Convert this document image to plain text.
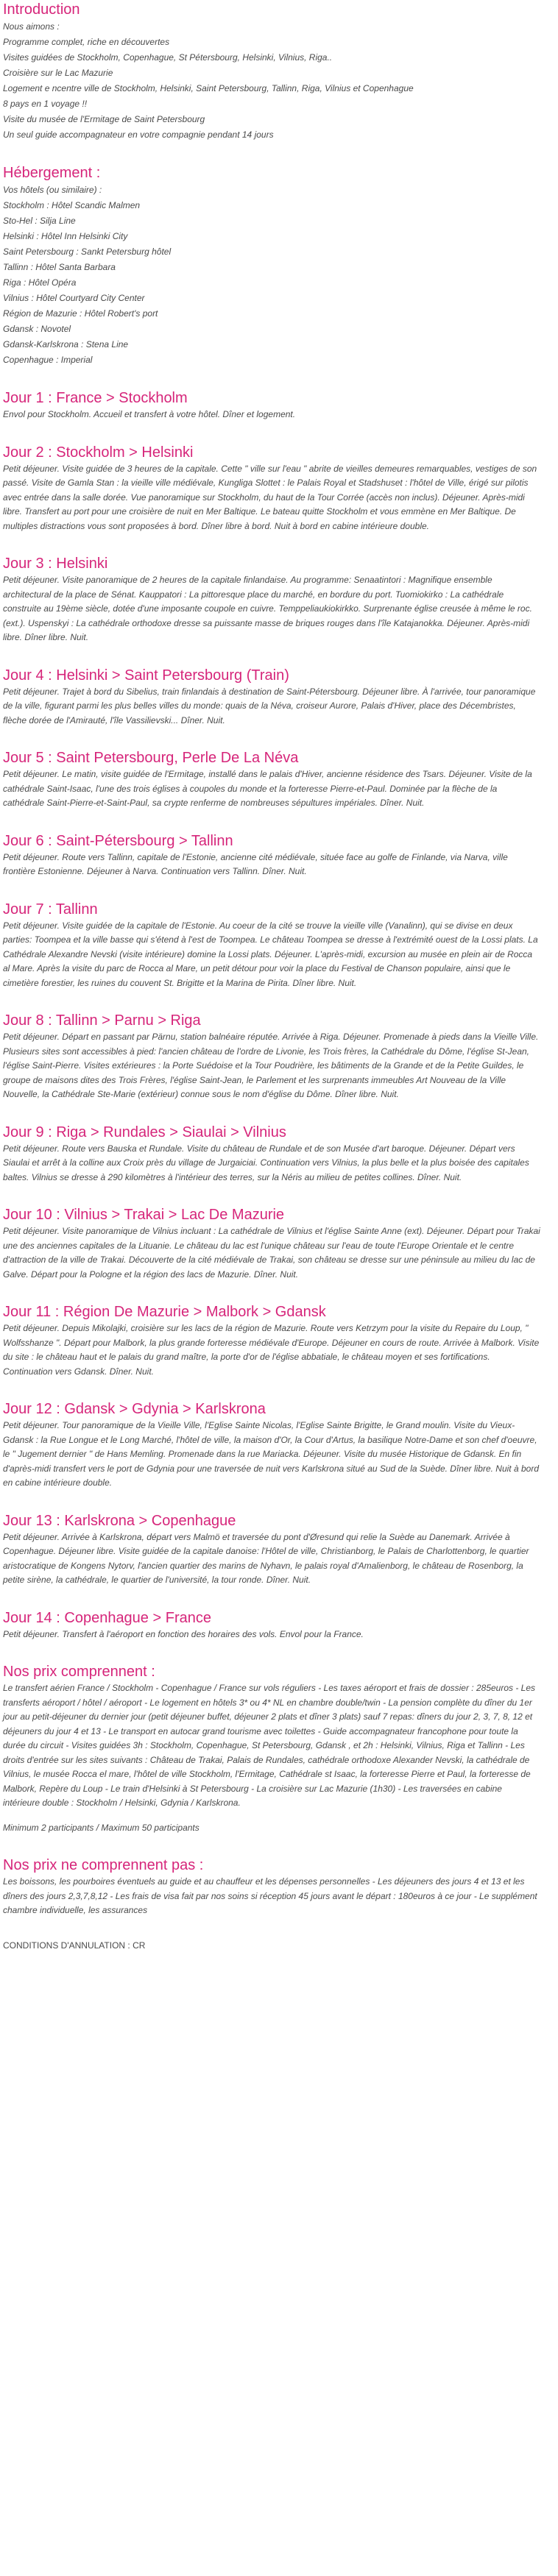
Introduction

Nous aimons :

Programme complet, riche en découvertes

Visites guidées de Stockholm, Copenhague, St Pétersbourg, Helsinki, Vilnius, Riga..

Croisière sur le Lac Mazurie

Logement e ncentre ville de Stockholm, Helsinki, Saint Petersbourg, Tallinn, Riga, Vilnius et Copenhague

8 pays en 1 voyage !!

Visite du musée de l'Ermitage de Saint Petersbourg

Un seul guide accompagnateur en votre compagnie pendant 14 jours

Hébergement :

Vos hôtels (ou similaire) :

Stockholm : Hôtel Scandic Malmen

Sto-Hel : Silja Line

Helsinki : Hôtel Inn Helsinki City

Saint Petersbourg : Sankt Petersburg hôtel

Tallinn : Hôtel Santa Barbara

Riga : Hôtel Opéra

Vilnius : Hôtel Courtyard City Center

Région de Mazurie : Hôtel Robert's port

Gdansk : Novotel

Gdansk-Karlskrona : Stena Line

Copenhague : Imperial

Jour 1 : France > Stockholm

Envol pour Stockholm. Accueil et transfert à votre hôtel. Dîner et logement.

Jour 2 : Stockholm > Helsinki

Petit déjeuner. Visite guidée de 3 heures de la capitale. Cette " ville sur l'eau " abrite de vieilles demeures remarquables, vestiges de son passé. Visite de Gamla Stan : la vieille ville médiévale, Kungliga Slottet : le Palais Royal et Stadshuset : l'hôtel de Ville, érigé sur pilotis avec entrée dans la salle dorée. Vue panoramique sur Stockholm, du haut de la Tour Corrée (accès non inclus). Déjeuner. Après-midi libre. Transfert au port pour une croisière de nuit en Mer Baltique. Le bateau quitte Stockholm et vous emmène en Mer Baltique. De multiples distractions vous sont proposées à bord. Dîner libre à bord. Nuit à bord en cabine intérieure double.

Jour 3 : Helsinki

Petit déjeuner. Visite panoramique de 2 heures de la capitale finlandaise. Au programme: Senaatintori : Magnifique ensemble architectural de la place de Sénat. Kauppatori : La pittoresque place du marché, en bordure du port. Tuomiokirko : La cathédrale construite au 19ème siècle, dotée d'une imposante coupole en cuivre. Temppeliaukiokirkko. Surprenante église creusée à même le roc. (ext.). Uspenskyi : La cathédrale orthodoxe dresse sa puissante masse de briques rouges dans l'île Katajanokka. Déjeuner. Après-midi libre. Dîner libre. Nuit.

Jour 4 : Helsinki > Saint Petersbourg (Train)

Petit déjeuner. Trajet à bord du Sibelius, train finlandais à destination de Saint-Pétersbourg. Déjeuner libre. À l'arrivée, tour panoramique de la ville, figurant parmi les plus belles villes du monde: quais de la Néva, croiseur Aurore, Palais d'Hiver, place des Décembristes, flèche dorée de l'Amirauté, l'île Vassilievski... Dîner. Nuit.

Jour 5 : Saint Petersbourg, Perle De La Néva

Petit déjeuner. Le matin, visite guidée de l'Ermitage, installé dans le palais d'Hiver, ancienne résidence des Tsars. Déjeuner. Visite de la cathédrale Saint-Isaac, l'une des trois églises à coupoles du monde et la forteresse Pierre-et-Paul. Dominée par la flèche de la cathédrale Saint-Pierre-et-Saint-Paul, sa crypte renferme de nombreuses sépultures impériales. Dîner. Nuit.

Jour 6 : Saint-Pétersbourg > Tallinn

Petit déjeuner. Route vers Tallinn, capitale de l'Estonie, ancienne cité médiévale, située face au golfe de Finlande, via Narva, ville frontière Estonienne. Déjeuner à Narva. Continuation vers Tallinn. Dîner. Nuit.

Jour 7 : Tallinn

Petit déjeuner. Visite guidée de la capitale de l'Estonie. Au coeur de la cité se trouve la vieille ville (Vanalinn), qui se divise en deux parties: Toompea et la ville basse qui s'étend à l'est de Toompea. Le château Toompea se dresse à l'extrémité ouest de la Lossi plats. La Cathédrale Alexandre Nevski (visite intérieure) domine la Lossi plats. Déjeuner. L'après-midi, excursion au musée en plein air de Rocca al Mare. Après la visite du parc de Rocca al Mare, un petit détour pour voir la place du Festival de Chanson populaire, ainsi que le cimetière forestier, les ruines du couvent St. Brigitte et la Marina de Pirita. Dîner libre. Nuit.

Jour 8 : Tallinn > Parnu > Riga

Petit déjeuner. Départ en passant par Pärnu, station balnéaire réputée. Arrivée à Riga. Déjeuner. Promenade à pieds dans la Vieille Ville. Plusieurs sites sont accessibles à pied: l'ancien château de l'ordre de Livonie, les Trois frères, la Cathédrale du Dôme, l'église St-Jean, l'église Saint-Pierre. Visites extérieures : la Porte Suédoise et la Tour Poudrière, les bâtiments de la Grande et de la Petite Guildes, le groupe de maisons dites des Trois Frères, l'église Saint-Jean, le Parlement et les surprenants immeubles Art Nouveau de la Ville Nouvelle, la Cathédrale Ste-Marie (extérieur) connue sous le nom d'église du Dôme. Dîner libre. Nuit.

Jour 9 : Riga > Rundales > Siaulai > Vilnius

Petit déjeuner. Route vers Bauska et Rundale. Visite du château de Rundale et de son Musée d'art baroque. Déjeuner. Départ vers Siaulai et arrêt à la colline aux Croix près du village de Jurgaiciai. Continuation vers Vilnius, la plus belle et la plus boisée des capitales baltes. Vilnius se dresse à 290 kilomètres à l'intérieur des terres, sur la Néris au milieu de petites collines. Dîner. Nuit.

Jour 10 : Vilnius > Trakai > Lac De Mazurie

Petit déjeuner. Visite panoramique de Vilnius incluant : La cathédrale de Vilnius et l'église Sainte Anne (ext). Déjeuner. Départ pour Trakai une des anciennes capitales de la Lituanie. Le château du lac est l'unique château sur l'eau de toute l'Europe Orientale et le centre d'attraction de la ville de Trakai. Découverte de la cité médiévale de Trakai, son château se dresse sur une péninsule au milieu du lac de Galve. Départ pour la Pologne et la région des lacs de Mazurie. Dîner. Nuit.

Jour 11 : Région De Mazurie > Malbork > Gdansk

Petit déjeuner. Depuis Mikolajki, croisière sur les lacs de la région de Mazurie. Route vers Ketrzym pour la visite du Repaire du Loup, " Wolfsshanze ". Départ pour Malbork, la plus grande forteresse médiévale d'Europe. Déjeuner en cours de route. Arrivée à Malbork. Visite du site : le château haut et le palais du grand maître, la porte d'or de l'église abbatiale, le château moyen et ses fortifications. Continuation vers Gdansk. Dîner. Nuit.

Jour 12 : Gdansk > Gdynia > Karlskrona

Petit déjeuner. Tour panoramique de la Vieille Ville, l'Eglise Sainte Nicolas, l'Eglise Sainte Brigitte, le Grand moulin. Visite du Vieux-Gdansk : la Rue Longue et le Long Marché, l'hôtel de ville, la maison d'Or, la Cour d'Artus, la basilique Notre-Dame et son chef d'oeuvre, le " Jugement dernier " de Hans Memling. Promenade dans la rue Mariacka. Déjeuner. Visite du musée Historique de Gdansk. En fin d'après-midi transfert vers le port de Gdynia pour une traversée de nuit vers Karlskrona situé au Sud de la Suède. Dîner libre. Nuit à bord en cabine intérieure double.

Jour 13 : Karlskrona > Copenhague

Petit déjeuner. Arrivée à Karlskrona, départ vers Malmö et traversée du pont d'Øresund qui relie la Suède au Danemark. Arrivée à Copenhague. Déjeuner libre. Visite guidée de la capitale danoise: l'Hôtel de ville, Christianborg, le Palais de Charlottenborg, le quartier aristocratique de Kongens Nytorv, l'ancien quartier des marins de Nyhavn, le palais royal d'Amalienborg, le château de Rosenborg, la petite sirène, la cathédrale, le quartier de l'université, la tour ronde. Dîner. Nuit.

Jour 14 : Copenhague > France

Petit déjeuner. Transfert à l'aéroport en fonction des horaires des vols. Envol pour la France.

Nos prix comprennent :

Le transfert aérien France / Stockholm - Copenhague / France sur vols réguliers - Les taxes aéroport et frais de dossier : 285euros - Les transferts aéroport / hôtel / aéroport - Le logement en hôtels 3* ou 4* NL en chambre double/twin - La pension complète du dîner du 1er jour au petit-déjeuner du dernier jour (petit déjeuner buffet, déjeuner 2 plats et dîner 3 plats) sauf 7 repas: dîners du jour 2, 3, 7, 8, 12 et déjeuners du jour 4 et 13 - Le transport en autocar grand tourisme avec toilettes - Guide accompagnateur francophone pour toute la durée du circuit - Visites guidées 3h : Stockholm, Copenhague, St Petersbourg, Gdansk , et 2h : Helsinki, Vilnius, Riga et Tallinn - Les droits d'entrée sur les sites suivants : Château de Trakai, Palais de Rundales, cathédrale orthodoxe Alexander Nevski, la cathédrale de Vilnius, le musée Rocca el mare, l'hôtel de ville Stockholm, l'Ermitage, Cathédrale st Isaac, la forteresse Pierre et Paul, la forteresse de Malbork, Repère du Loup - Le train d'Helsinki à St Petersbourg - La croisière sur Lac Mazurie (1h30) - Les traversées en cabine intérieure double : Stockholm / Helsinki, Gdynia / Karlskrona.

Minimum 2 participants / Maximum 50 participants

Nos prix ne comprennent pas :

Les boissons, les pourboires éventuels au guide et au chauffeur et les dépenses personnelles - Les déjeuners des jours 4 et 13 et les dîners des jours 2,3,7,8,12 - Les frais de visa fait par nos soins si réception 45 jours avant le départ : 180euros à ce jour - Le supplément chambre individuelle, les assurances

CONDITIONS D'ANNULATION : CR
